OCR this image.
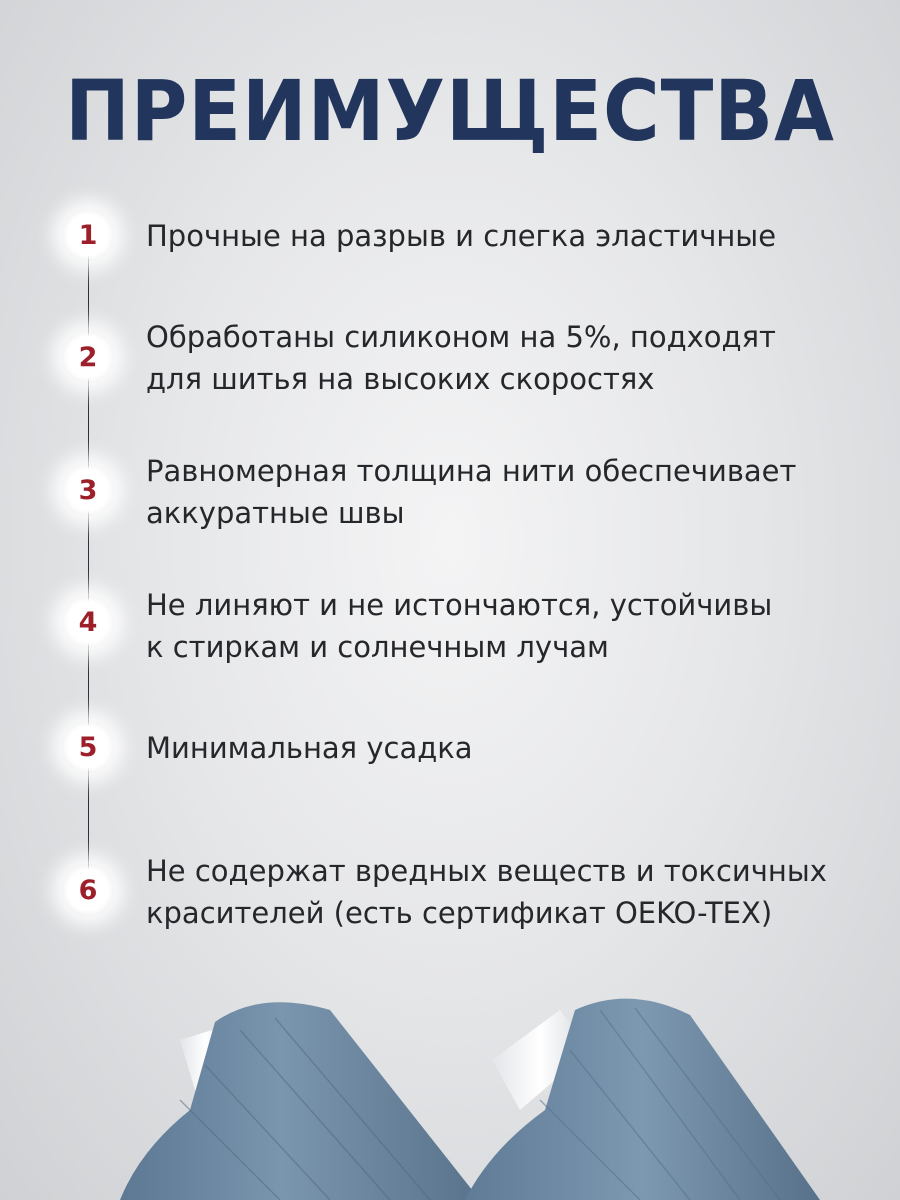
ПРЕИМУЩЕСТВА
1	Прочные на разрыв и слегка эластичные
2
Обработаны силиконом на 5%, подходят
для шитья на высоких скоростях
3
Равномерная толщина нити обеспечивает
аккуратные швы
4	Не линяют и не истончаются, устойчивы
к стиркам и солнечным лучам
5	Минимальная усадка
6
Не содержат вредных веществ и токсичных
красителей (есть сертификат OEKO-TEX)
